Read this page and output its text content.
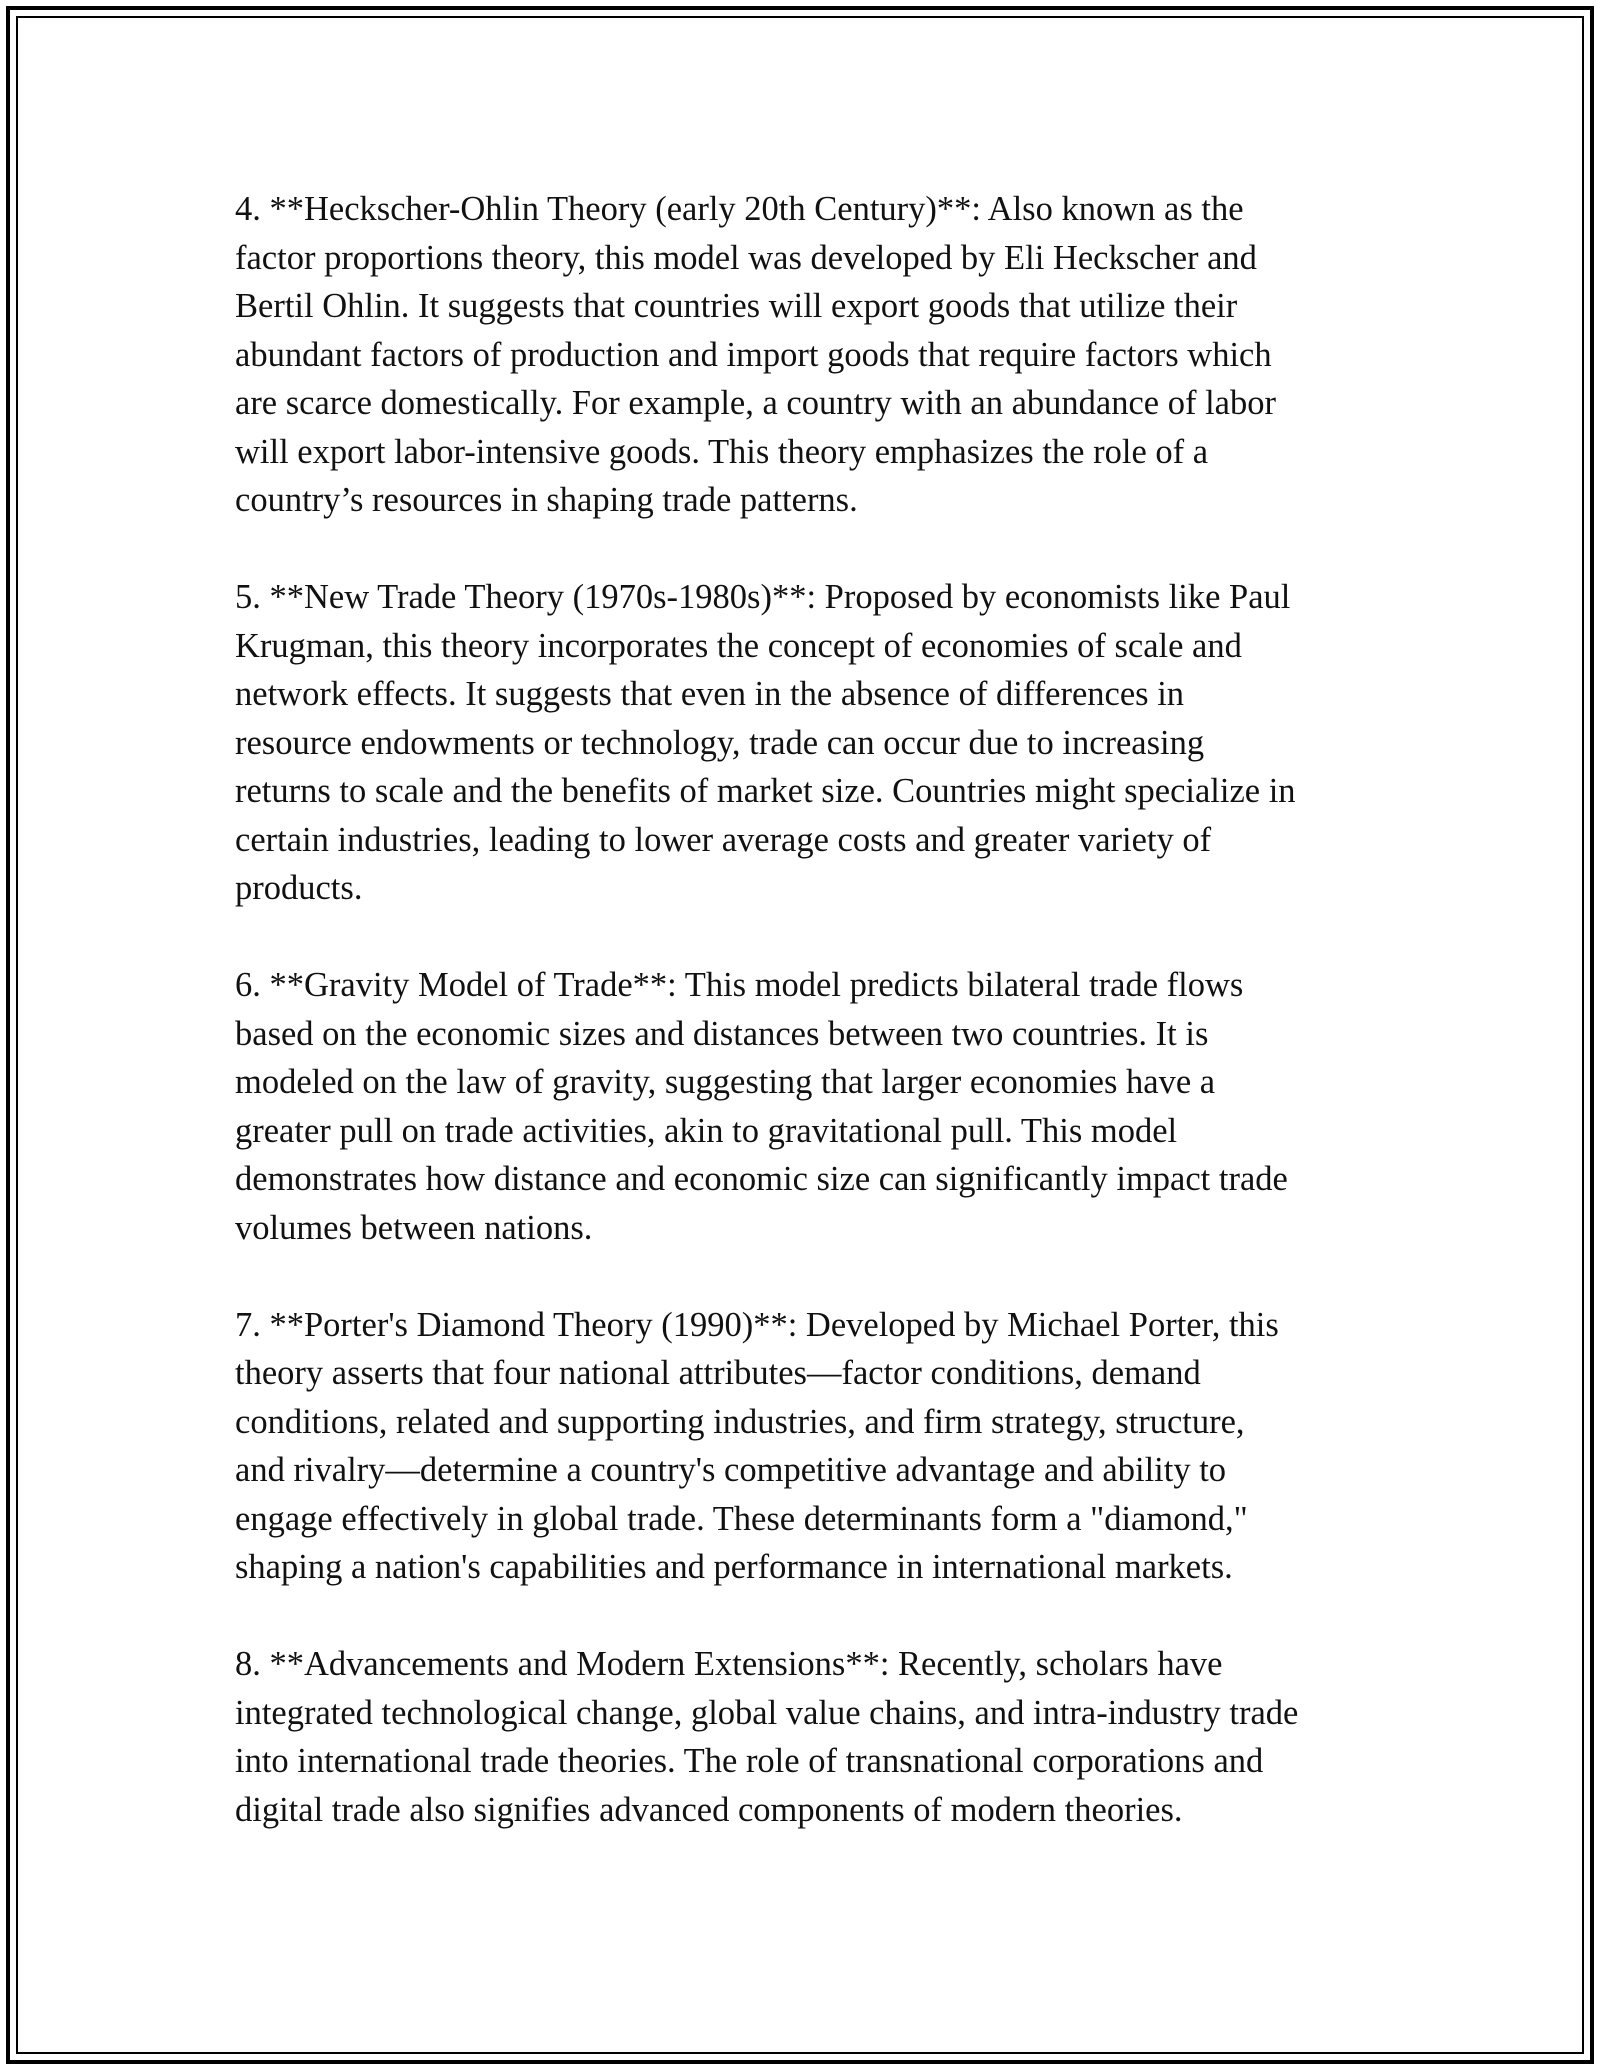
4. **Heckscher-Ohlin Theory (early 20th Century)**: Also known as the
factor proportions theory, this model was developed by Eli Heckscher and
Bertil Ohlin. It suggests that countries will export goods that utilize their
abundant factors of production and import goods that require factors which
are scarce domestically. For example, a country with an abundance of labor
will export labor-intensive goods. This theory emphasizes the role of a
country’s resources in shaping trade patterns.

5. **New Trade Theory (1970s-1980s)**: Proposed by economists like Paul
Krugman, this theory incorporates the concept of economies of scale and
network effects. It suggests that even in the absence of differences in
resource endowments or technology, trade can occur due to increasing
returns to scale and the benefits of market size. Countries might specialize in
certain industries, leading to lower average costs and greater variety of
products.

6. **Gravity Model of Trade**: This model predicts bilateral trade flows
based on the economic sizes and distances between two countries. It is
modeled on the law of gravity, suggesting that larger economies have a
greater pull on trade activities, akin to gravitational pull. This model
demonstrates how distance and economic size can significantly impact trade
volumes between nations.

7. **Porter's Diamond Theory (1990)**: Developed by Michael Porter, this
theory asserts that four national attributes—factor conditions, demand
conditions, related and supporting industries, and firm strategy, structure,
and rivalry—determine a country's competitive advantage and ability to
engage effectively in global trade. These determinants form a "diamond,"
shaping a nation's capabilities and performance in international markets.

8. **Advancements and Modern Extensions**: Recently, scholars have
integrated technological change, global value chains, and intra-industry trade
into international trade theories. The role of transnational corporations and
digital trade also signifies advanced components of modern theories.
